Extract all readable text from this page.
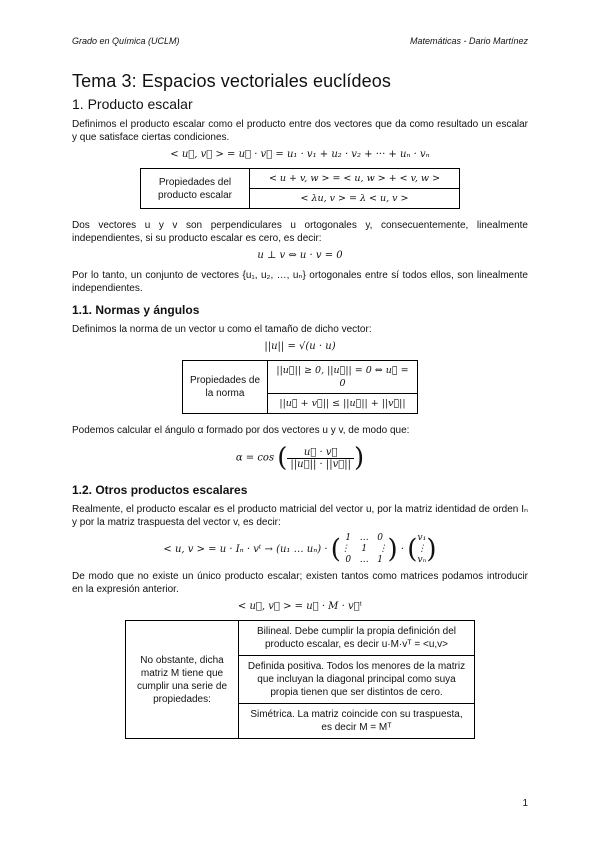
Grado en Química (UCLM)	Matemáticas - Dario Martínez
Tema 3: Espacios vectoriales euclídeos
1. Producto escalar

Definimos el producto escalar como el producto entre dos vectores que da como resultado un escalar y que satisface ciertas condiciones.

< u⃗, v⃗ > = u⃗ · v⃗ = u₁ · v₁ + u₂ · v₂ + ··· + uₙ · vₙ
Propiedades del producto escalar	< u + v, w > = < u, w > + < v, w >
< λu, v > = λ < u, v >

Dos vectores u y v son perpendiculares u ortogonales y, consecuentemente, linealmente independientes, si su producto escalar es cero, es decir:

u ⊥ v ⇔ u · v = 0

Por lo tanto, un conjunto de vectores {u₁, u₂, …, uₙ} ortogonales entre sí todos ellos, son linealmente independientes.

1.1. Normas y ángulos

Definimos la norma de un vector u como el tamaño de dicho vector:

||u|| = √(u · u)
Propiedades de la norma	||u⃗|| ≥ 0, ||u⃗|| = 0 ⇔ u⃗ = 0
||u⃗ + v⃗|| ≤ ||u⃗|| + ||v⃗||

Podemos calcular el ángulo α formado por dos vectores u y v, de modo que:

α = cos ( $\frac{u⃗ \cdot v⃗}{||u⃗|| \cdot ||v⃗||}$ )
1.2. Otros productos escalares

Realmente, el producto escalar es el producto matricial del vector u, por la matriz identidad de orden Iₙ y por la matriz traspuesta del vector v, es decir:

< u, v > = u · Iₙ · vᵗ → (u₁ … uₙ) · ( 1   …   0
⋮    1    ⋮
0   …   1 ) · ( v₁
⋮
vₙ )

De modo que no existe un único producto escalar; existen tantos como matrices podamos introducir en la expresión anterior.

< u⃗, v⃗ > = u⃗ · M · v⃗ᵗ
No obstante, dicha matriz M tiene que cumplir una serie de propiedades:	Bilineal. Debe cumplir la propia definición del producto escalar, es decir u·M·vᵀ = <u,v>
Definida positiva. Todos los menores de la matriz que incluyan la diagonal principal como suya propia tienen que ser distintos de cero.
Simétrica. La matriz coincide con su traspuesta, es decir M = Mᵀ
1
